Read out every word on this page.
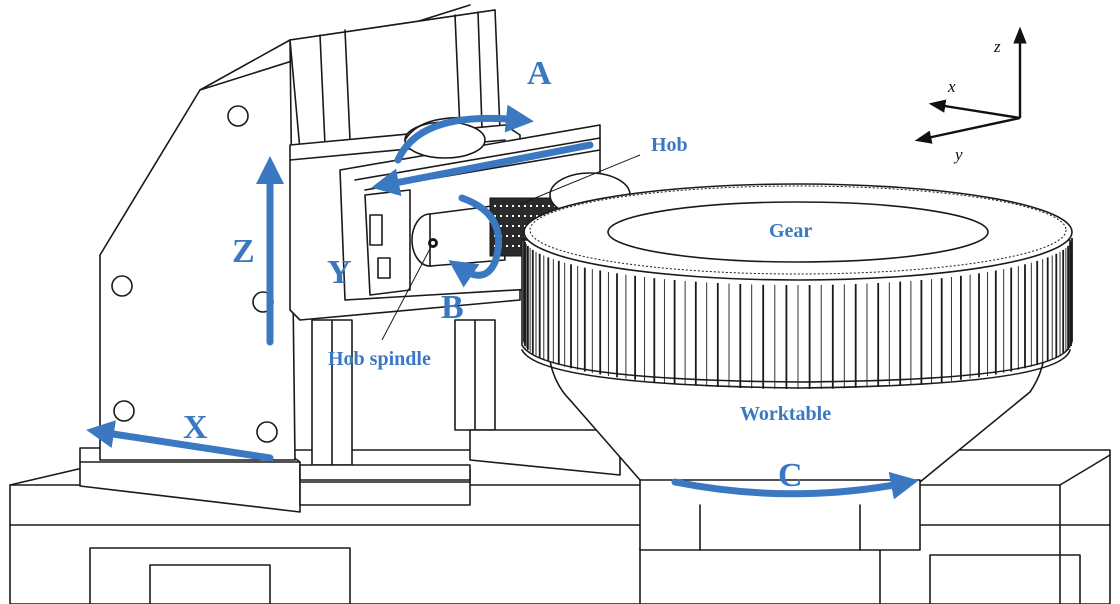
A
Z
Y
B
X
C
Hob
Gear
Hob spindle
Worktable
z
x
y
